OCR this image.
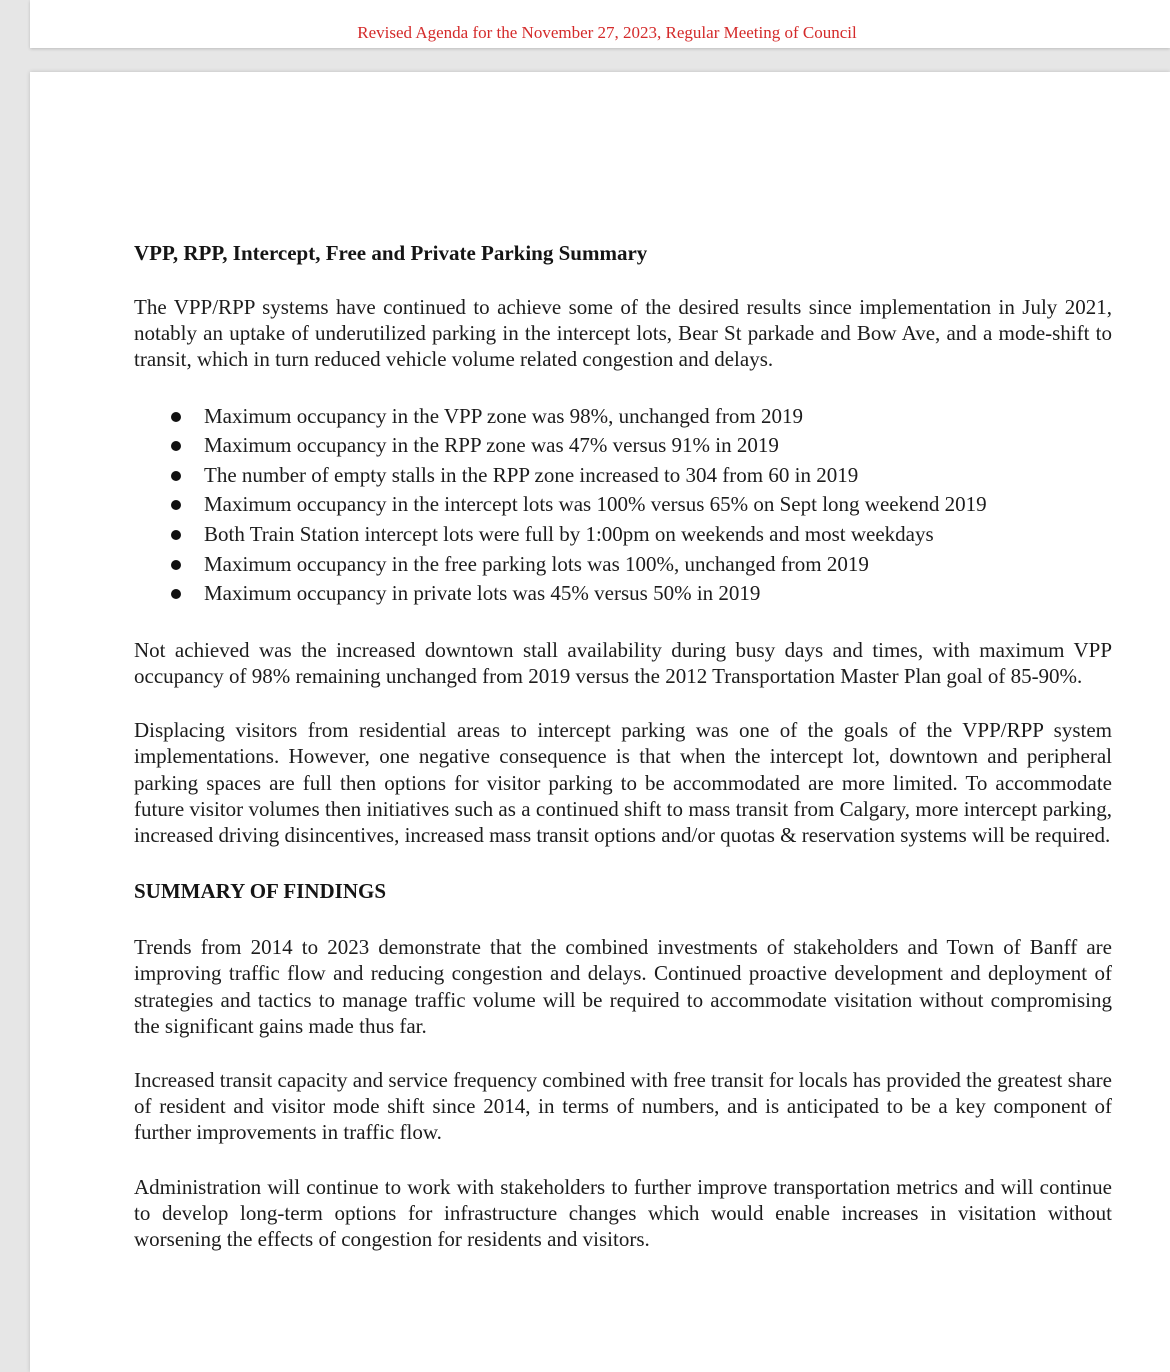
Revised Agenda for the November 27, 2023, Regular Meeting of Council
VPP, RPP, Intercept, Free and Private Parking Summary

The VPP/RPP systems have continued to achieve some of the desired results since implementation in July 2021, notably an uptake of underutilized parking in the intercept lots, Bear St parkade and Bow Ave, and a mode-shift to transit, which in turn reduced vehicle volume related congestion and delays.

Maximum occupancy in the VPP zone was 98%, unchanged from 2019
Maximum occupancy in the RPP zone was 47% versus 91% in 2019
The number of empty stalls in the RPP zone increased to 304 from 60 in 2019
Maximum occupancy in the intercept lots was 100% versus 65% on Sept long weekend 2019
Both Train Station intercept lots were full by 1:00pm on weekends and most weekdays
Maximum occupancy in the free parking lots was 100%, unchanged from 2019
Maximum occupancy in private lots was 45% versus 50% in 2019

Not achieved was the increased downtown stall availability during busy days and times, with maximum VPP occupancy of 98% remaining unchanged from 2019 versus the 2012 Transportation Master Plan goal of 85-90%.

Displacing visitors from residential areas to intercept parking was one of the goals of the VPP/RPP system implementations. However, one negative consequence is that when the intercept lot, downtown and peripheral parking spaces are full then options for visitor parking to be accommodated are more limited. To accommodate future visitor volumes then initiatives such as a continued shift to mass transit from Calgary, more intercept parking, increased driving disincentives, increased mass transit options and/or quotas & reservation systems will be required.

SUMMARY OF FINDINGS

Trends from 2014 to 2023 demonstrate that the combined investments of stakeholders and Town of Banff are improving traffic flow and reducing congestion and delays. Continued proactive development and deployment of strategies and tactics to manage traffic volume will be required to accommodate visitation without compromising the significant gains made thus far.

Increased transit capacity and service frequency combined with free transit for locals has provided the greatest share of resident and visitor mode shift since 2014, in terms of numbers, and is anticipated to be a key component of further improvements in traffic flow.

Administration will continue to work with stakeholders to further improve transportation metrics and will continue to develop long-term options for infrastructure changes which would enable increases in visitation without worsening the effects of congestion for residents and visitors.
